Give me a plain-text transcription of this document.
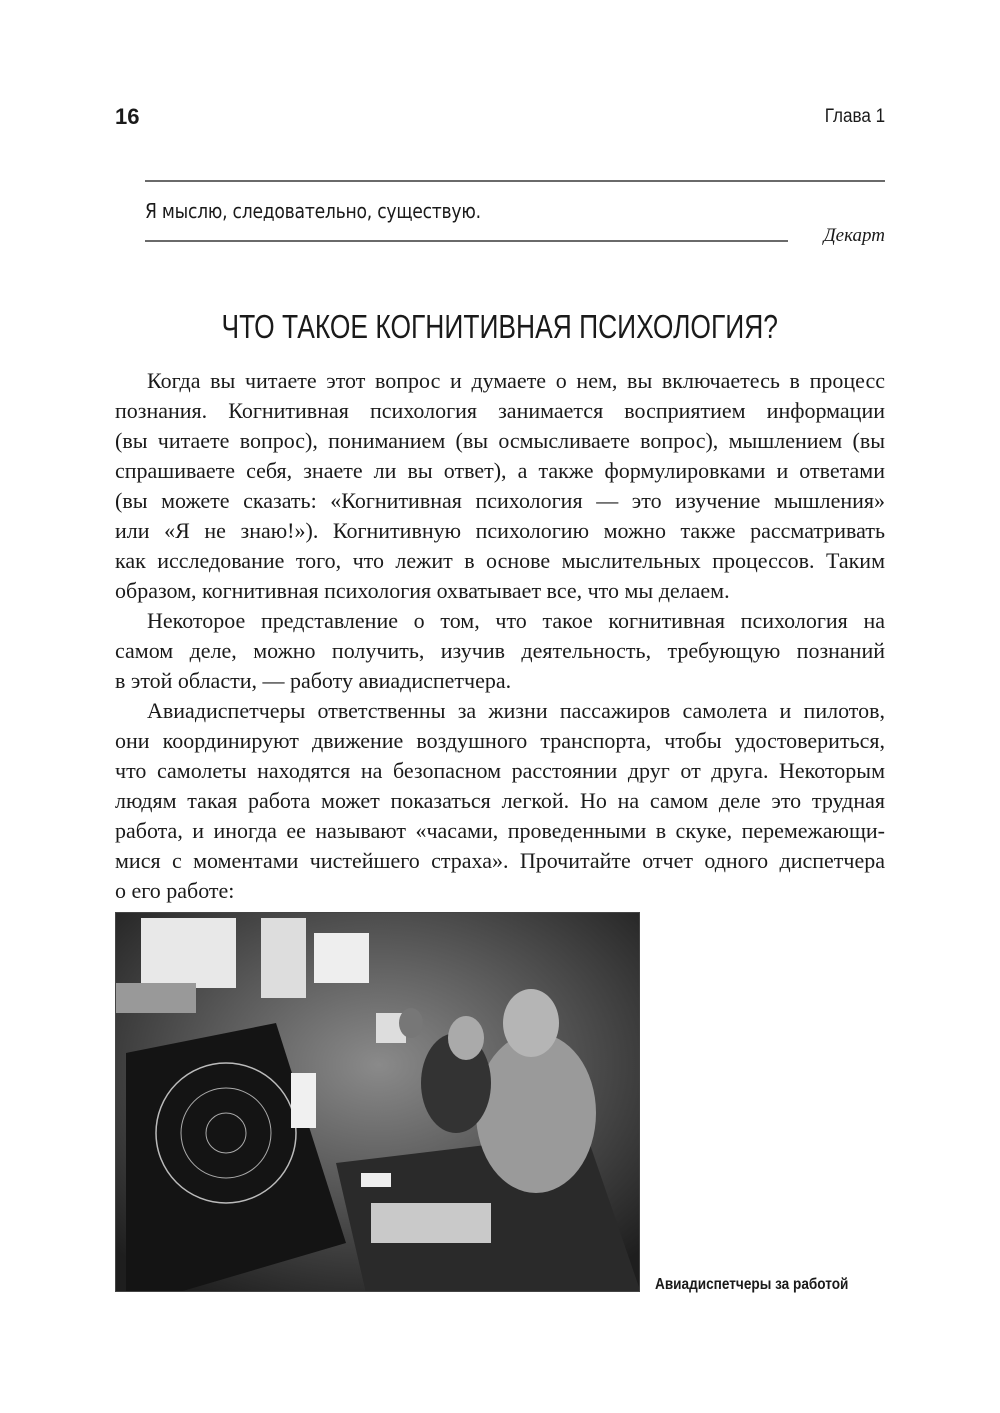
16	Глава 1
Я мыслю, следовательно, существую.
Декарт
ЧТО ТАКОЕ КОГНИТИВНАЯ ПСИХОЛОГИЯ?
Когда вы читаете этот вопрос и думаете о нем, вы включаетесь в процесс
познания. Когнитивная психология занимается восприятием информации
(вы читаете вопрос), пониманием (вы осмысливаете вопрос), мышлением (вы
спрашиваете себя, знаете ли вы ответ), а также формулировками и ответами
(вы можете сказать: «Когнитивная психология — это изучение мышления»
или «Я не знаю!»). Когнитивную психологию можно также рассматривать
как исследование того, что лежит в основе мыслительных процессов. Таким
образом, когнитивная психология охватывает все, что мы делаем.
Некоторое представление о том, что такое когнитивная психология на
самом деле, можно получить, изучив деятельность, требующую познаний
в этой области, — работу авиадиспетчера.
Авиадиспетчеры ответственны за жизни пассажиров самолета и пилотов,
они координируют движение воздушного транспорта, чтобы удостовериться,
что самолеты находятся на безопасном расстоянии друг от друга. Некоторым
людям такая работа может показаться легкой. Но на самом деле это трудная
работа, и иногда ее называют «часами, проведенными в скуке, перемежающи-
мися с моментами чистейшего страха». Прочитайте отчет одного диспетчера
о его работе:
Авиадиспетчеры за работой
